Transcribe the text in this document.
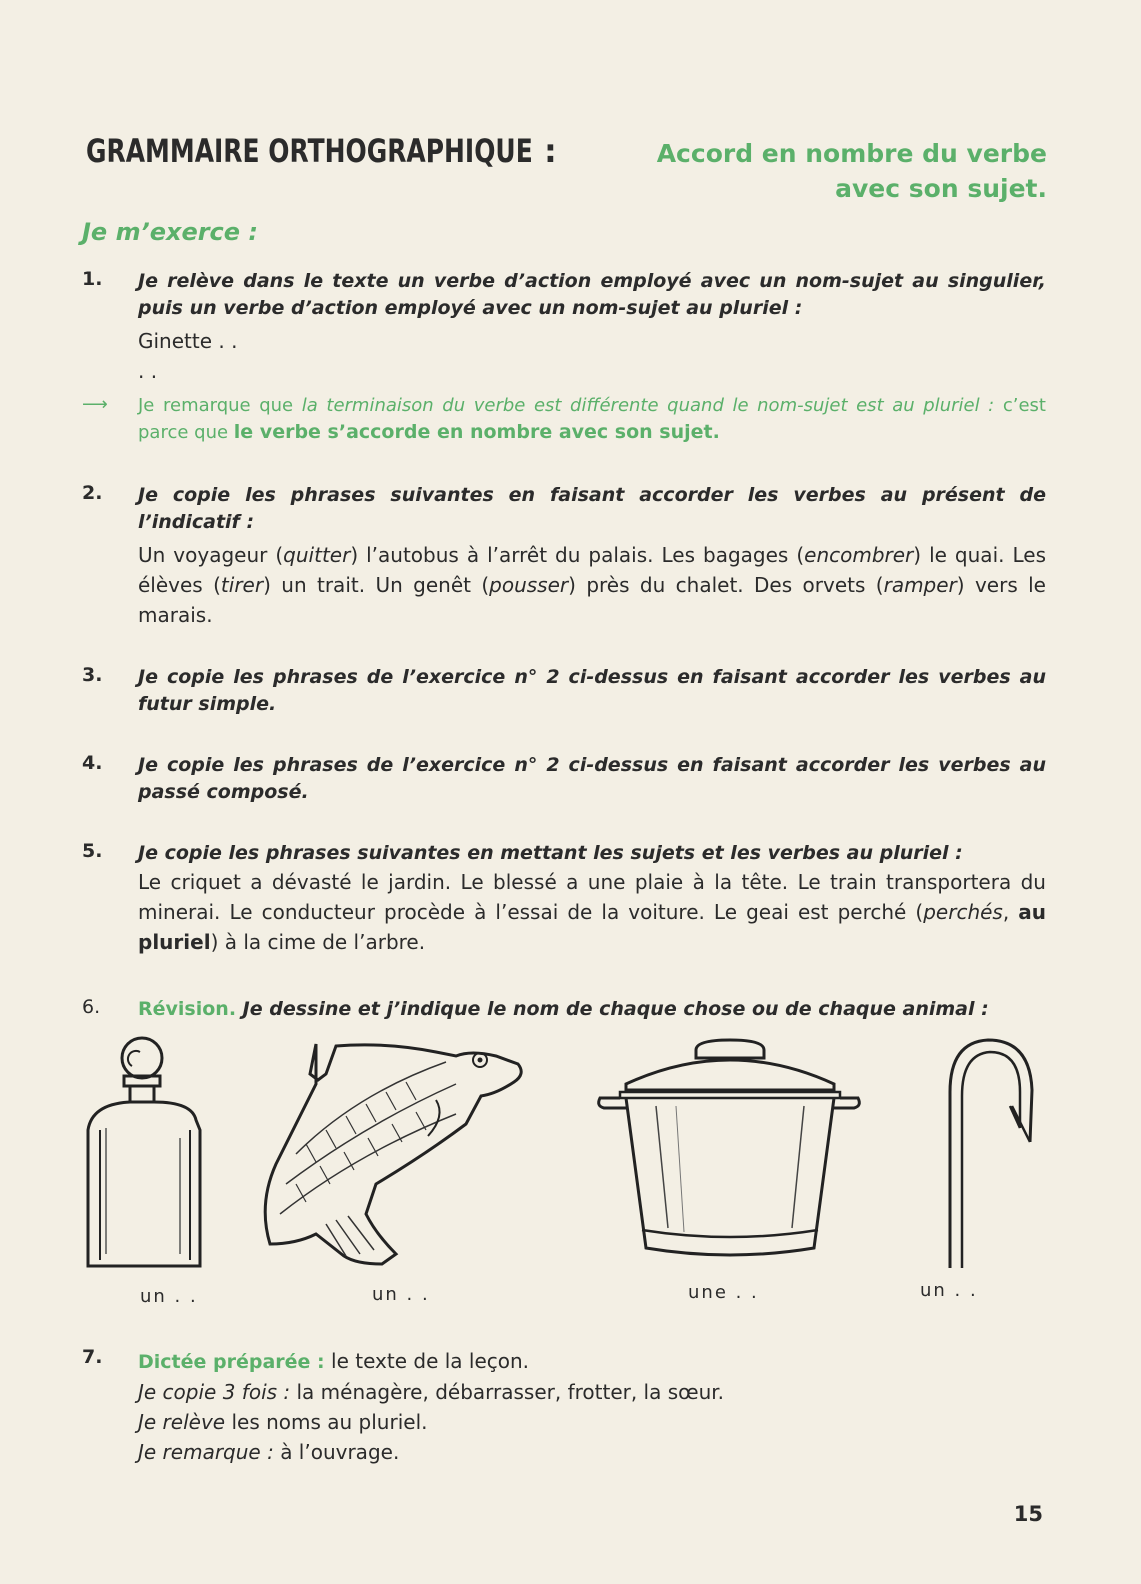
GRAMMAIRE ORTHOGRAPHIQUE :	Accord en nombre du verbe
avec son sujet.
Je m’exerce :
1. Je relève dans le texte un verbe d’action employé avec un nom-sujet au singulier, puis un verbe d’action employé avec un nom-sujet au pluriel :

Ginette . .

. .

⟶ Je remarque que la terminaison du verbe est différente quand le nom-sujet est au pluriel : c’est parce que le verbe s’accorde en nombre avec son sujet.

2. Je copie les phrases suivantes en faisant accorder les verbes au présent de l’indicatif :

Un voyageur (quitter) l’autobus à l’arrêt du palais. Les bagages (encombrer) le quai. Les élèves (tirer) un trait. Un genêt (pousser) près du chalet. Des orvets (ramper) vers le marais.

3. Je copie les phrases de l’exercice n° 2 ci-dessus en faisant accorder les verbes au futur simple.

4. Je copie les phrases de l’exercice n° 2 ci-dessus en faisant accorder les verbes au passé composé.

5. Je copie les phrases suivantes en mettant les sujets et les verbes au pluriel :

Le criquet a dévasté le jardin. Le blessé a une plaie à la tête. Le train transportera du minerai. Le conducteur procède à l’essai de la voiture. Le geai est perché (perchés, au pluriel) à la cime de l’arbre.

6. Révision. Je dessine et j’indique le nom de chaque chose ou de chaque animal :

un . .	un . .	une . .	un . .
7. Dictée préparée : le texte de la leçon.

Je copie 3 fois : la ménagère, débarrasser, frotter, la sœur.

Je relève les noms au pluriel.

Je remarque : à l’ouvrage.

15
